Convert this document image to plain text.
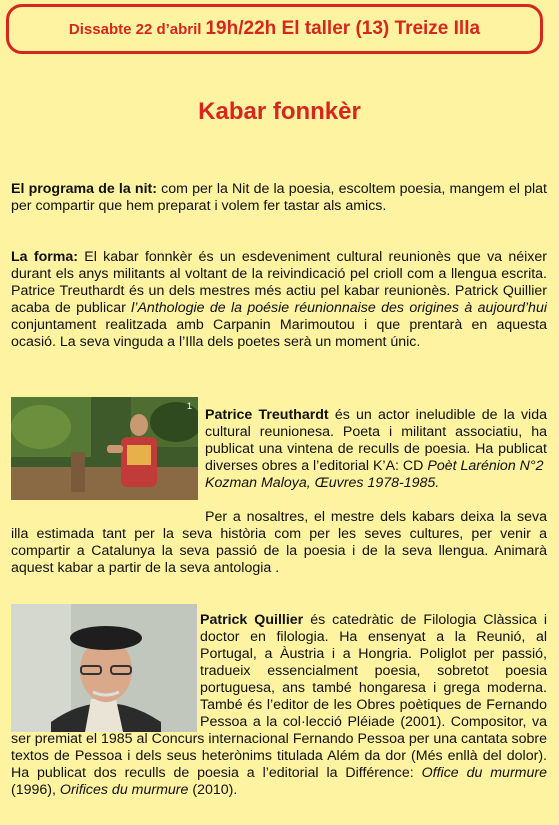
Dissabte 22 d’abril 19h/22h El taller (13) Treize Illa
Kabar fonnkèr

El programa de la nit: com per la Nit de la poesia, escoltem poesia, mangem el plat per compartir que hem preparat i volem fer tastar als amics.

La forma: El kabar fonnkèr és un esdeveniment cultural reunionès que va néixer durant els anys militants al voltant de la reivindicació pel crioll com a llengua escrita. Patrice Treuthardt és un dels mestres més actiu pel kabar reunionès. Patrick Quillier acaba de publicar l’Anthologie de la poésie réunionnaise des origines à aujourd’hui conjuntament realitzada amb Carpanin Marimoutou i que prentarà en aquesta ocasió. La seva vinguda a l’Illa dels poetes serà un moment únic.

1

Patrice Treuthardt és un actor ineludible de la vida cultural reunionesa. Poeta i militant associatiu, ha publicat una vintena de reculls de poesia. Ha publicat diverses obres a l’editorial K’A: CD Poèt Larénion N°2
Kozman Maloya, Œuvres 1978-1985.

Per a nosaltres, el mestre dels kabars deixa la seva illa estimada tant per la seva història com per les seves cultures, per venir a compartir a Catalunya la seva passió de la poesia i de la seva llengua. Animarà aquest kabar a partir de la seva antologia .

Patrick Quillier és catedràtic de Filologia Clàssica i doctor en filologia. Ha ensenyat a la Reunió, al Portugal, a Àustria i a Hongria. Poliglot per passió, tradueix essencialment poesia, sobretot poesia portuguesa, ans també hongaresa i grega moderna. També és l’editor de les Obres poètiques de Fernando Pessoa a la col·lecció Pléiade (2001). Compositor, va ser premiat el 1985 al Concurs internacional Fernando Pessoa per una cantata sobre textos de Pessoa i dels seus heterònims titulada Além da dor (Més enllà del dolor). Ha publicat dos reculls de poesia a l’editorial la Différence: Office du murmure (1996), Orifices du murmure (2010).
